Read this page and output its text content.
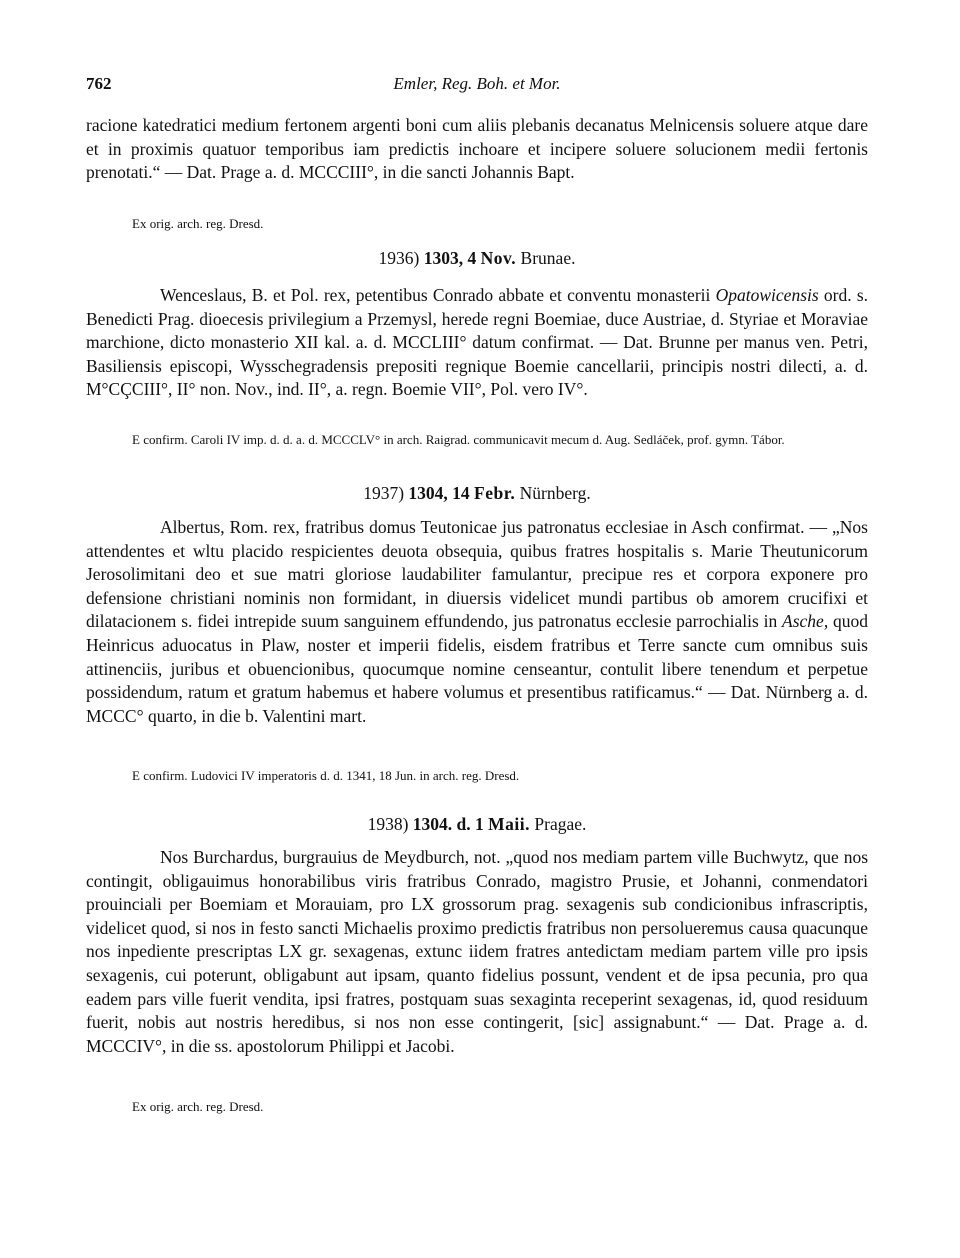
762	Emler, Reg. Boh. et Mor.

racione katedratici medium fertonem argenti boni cum aliis plebanis decanatus Melnicensis soluere atque dare et in proximis quatuor temporibus iam predictis inchoare et incipere soluere solucionem medii fertonis prenotati.“ — Dat. Prage a. d. MCCCIII°, in die sancti Johannis Bapt.

Ex orig. arch. reg. Dresd.
1936) 1303, 4 Nov. Brunae.

Wenceslaus, B. et Pol. rex, petentibus Conrado abbate et conventu monasterii Opatowicensis ord. s. Benedicti Prag. dioecesis privilegium a Przemysl, herede regni Boemiae, duce Austriae, d. Styriae et Moraviae marchione, dicto monasterio XII kal. a. d. MCCLIII° datum confirmat. — Dat. Brunne per manus ven. Petri, Basiliensis episcopi, Wysschegradensis prepositi regnique Boemie cancellarii, principis nostri dilecti, a. d. M°CÇCIII°, II° non. Nov., ind. II°, a. regn. Boemie VII°, Pol. vero IV°.

E confirm. Caroli IV imp. d. d. a. d. MCCCLV° in arch. Raigrad. communicavit mecum d. Aug. Sedláček, prof. gymn. Tábor.
1937) 1304, 14 Febr. Nürnberg.

Albertus, Rom. rex, fratribus domus Teutonicae jus patronatus ecclesiae in Asch confirmat. — „Nos attendentes et wltu placido respicientes deuota obsequia, quibus fratres hospitalis s. Marie Theutunicorum Jerosolimitani deo et sue matri gloriose laudabiliter famulantur, precipue res et corpora exponere pro defensione christiani nominis non formidant, in diuersis videlicet mundi partibus ob amorem crucifixi et dilatacionem s. fidei intrepide suum sanguinem effundendo, jus patronatus ecclesie parrochialis in Asche, quod Heinricus aduocatus in Plaw, noster et imperii fidelis, eisdem fratribus et Terre sancte cum omnibus suis attinenciis, juribus et obuencionibus, quocumque nomine censeantur, contulit libere tenendum et perpetue possidendum, ratum et gratum habemus et habere volumus et presentibus ratificamus.“ — Dat. Nürnberg a. d. MCCC° quarto, in die b. Valentini mart.

E confirm. Ludovici IV imperatoris d. d. 1341, 18 Jun. in arch. reg. Dresd.
1938) 1304. d. 1 Maii. Pragae.

Nos Burchardus, burgrauius de Meydburch, not. „quod nos mediam partem ville Buchwytz, que nos contingit, obligauimus honorabilibus viris fratribus Conrado, magistro Prusie, et Johanni, conmendatori prouinciali per Boemiam et Morauiam, pro LX grossorum prag. sexagenis sub condicionibus infrascriptis, videlicet quod, si nos in festo sancti Michaelis proximo predictis fratribus non persolueremus causa quacunque nos inpediente prescriptas LX gr. sexagenas, extunc iidem fratres antedictam mediam partem ville pro ipsis sexagenis, cui poterunt, obligabunt aut ipsam, quanto fidelius possunt, vendent et de ipsa pecunia, pro qua eadem pars ville fuerit vendita, ipsi fratres, postquam suas sexaginta receperint sexagenas, id, quod residuum fuerit, nobis aut nostris heredibus, si nos non esse contingerit, [sic] assignabunt.“ — Dat. Prage a. d. MCCCIV°, in die ss. apostolorum Philippi et Jacobi.

Ex orig. arch. reg. Dresd.
